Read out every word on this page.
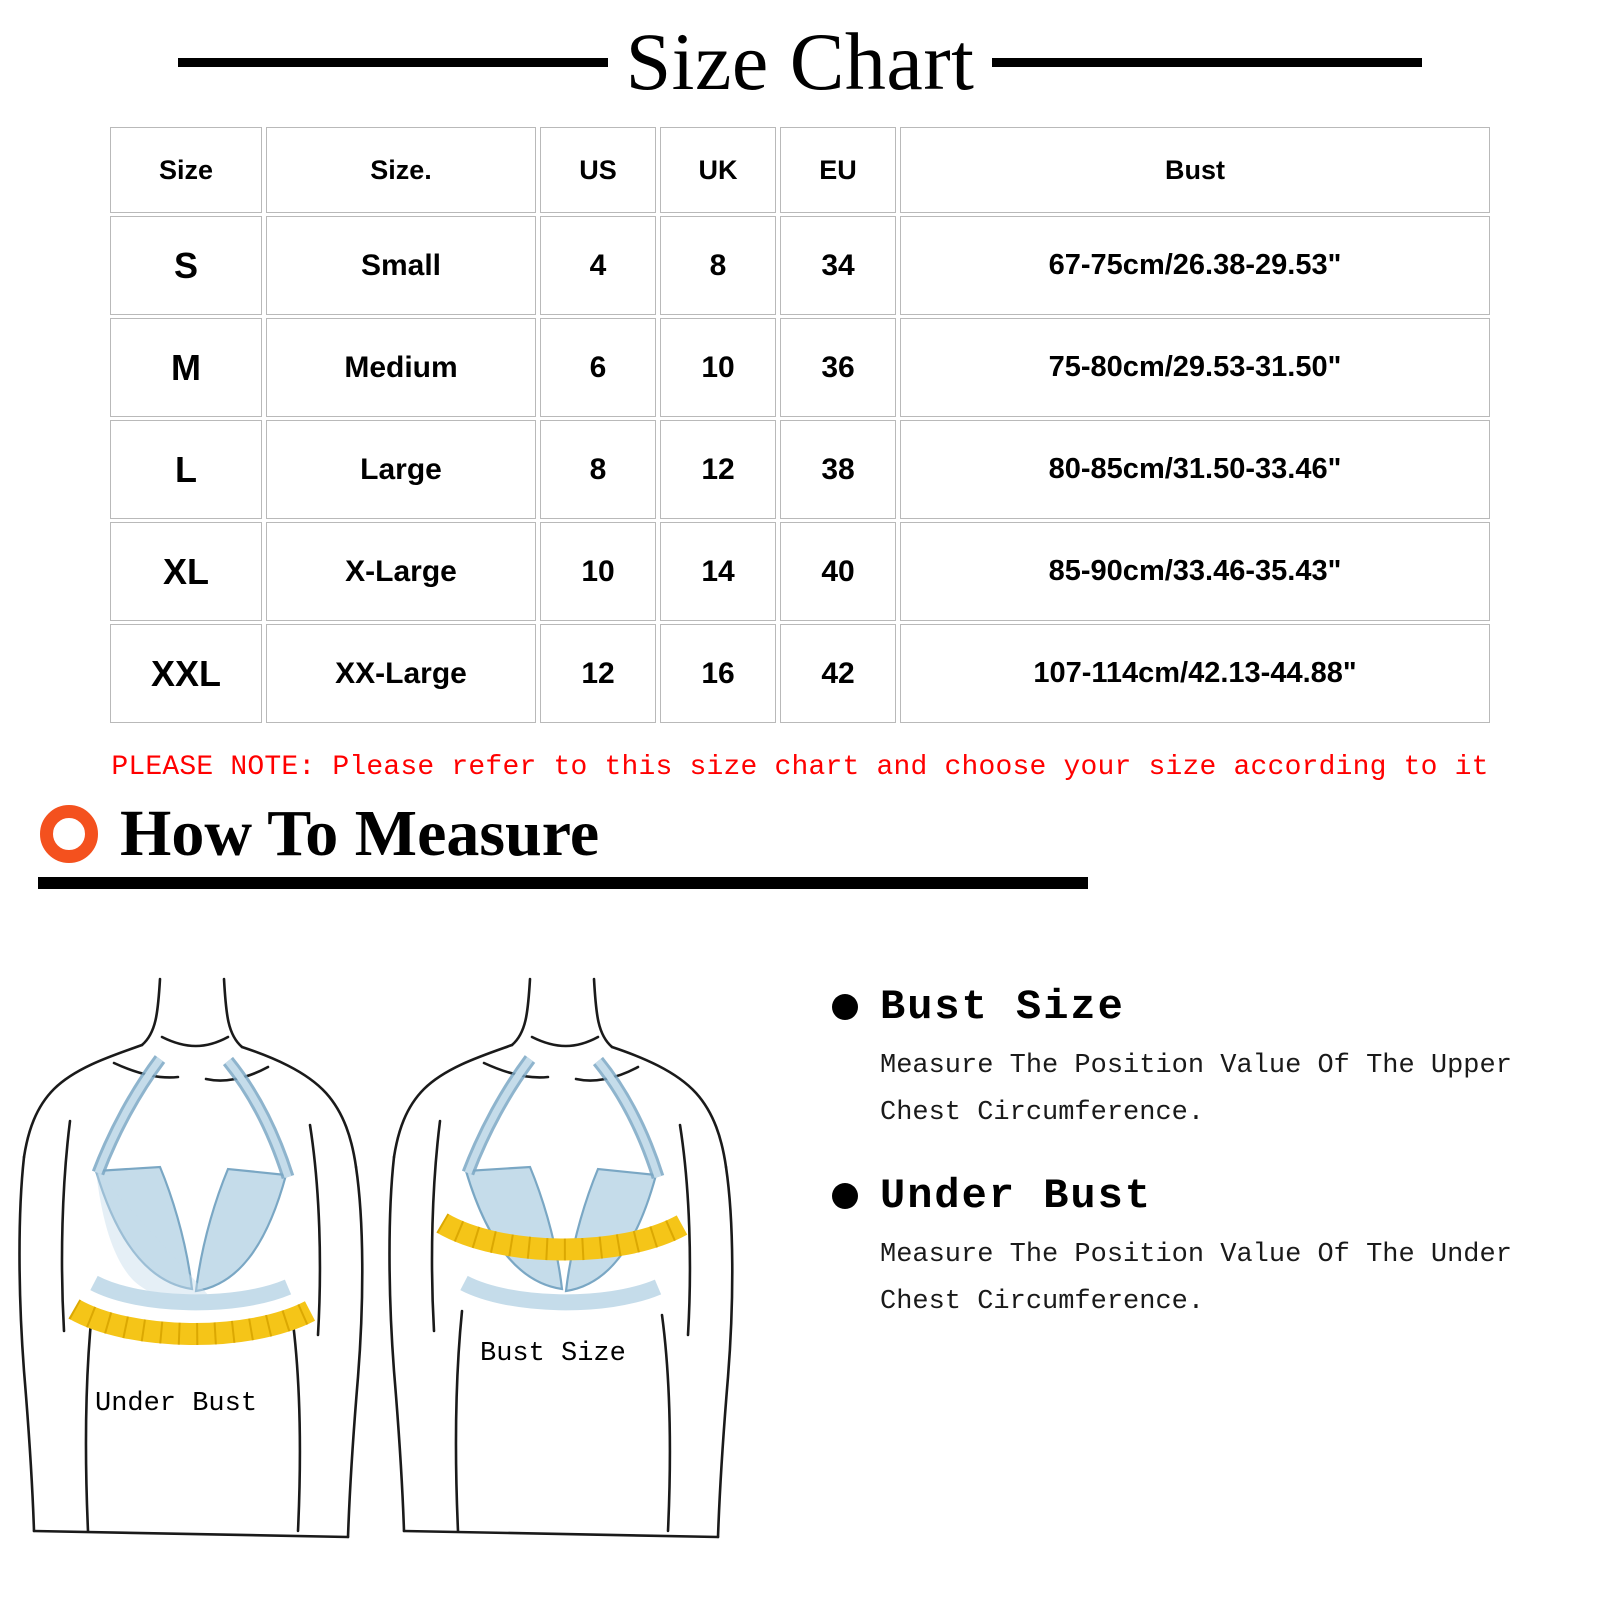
Size Chart
Size	Size.	US	UK	EU	Bust
S	Small	4	8	34	67-75cm/26.38-29.53"
M	Medium	6	10	36	75-80cm/29.53-31.50"
L	Large	8	12	38	80-85cm/31.50-33.46"
XL	X-Large	10	14	40	85-90cm/33.46-35.43"
XXL	XX-Large	12	16	42	107-114cm/42.13-44.88"
PLEASE NOTE: Please refer to this size chart and choose your size according to it
How To Measure
Under Bust
Bust Size
Bust Size
Measure The Position Value Of The Upper Chest Circumference.
Under Bust
Measure The Position Value Of The Under Chest Circumference.
